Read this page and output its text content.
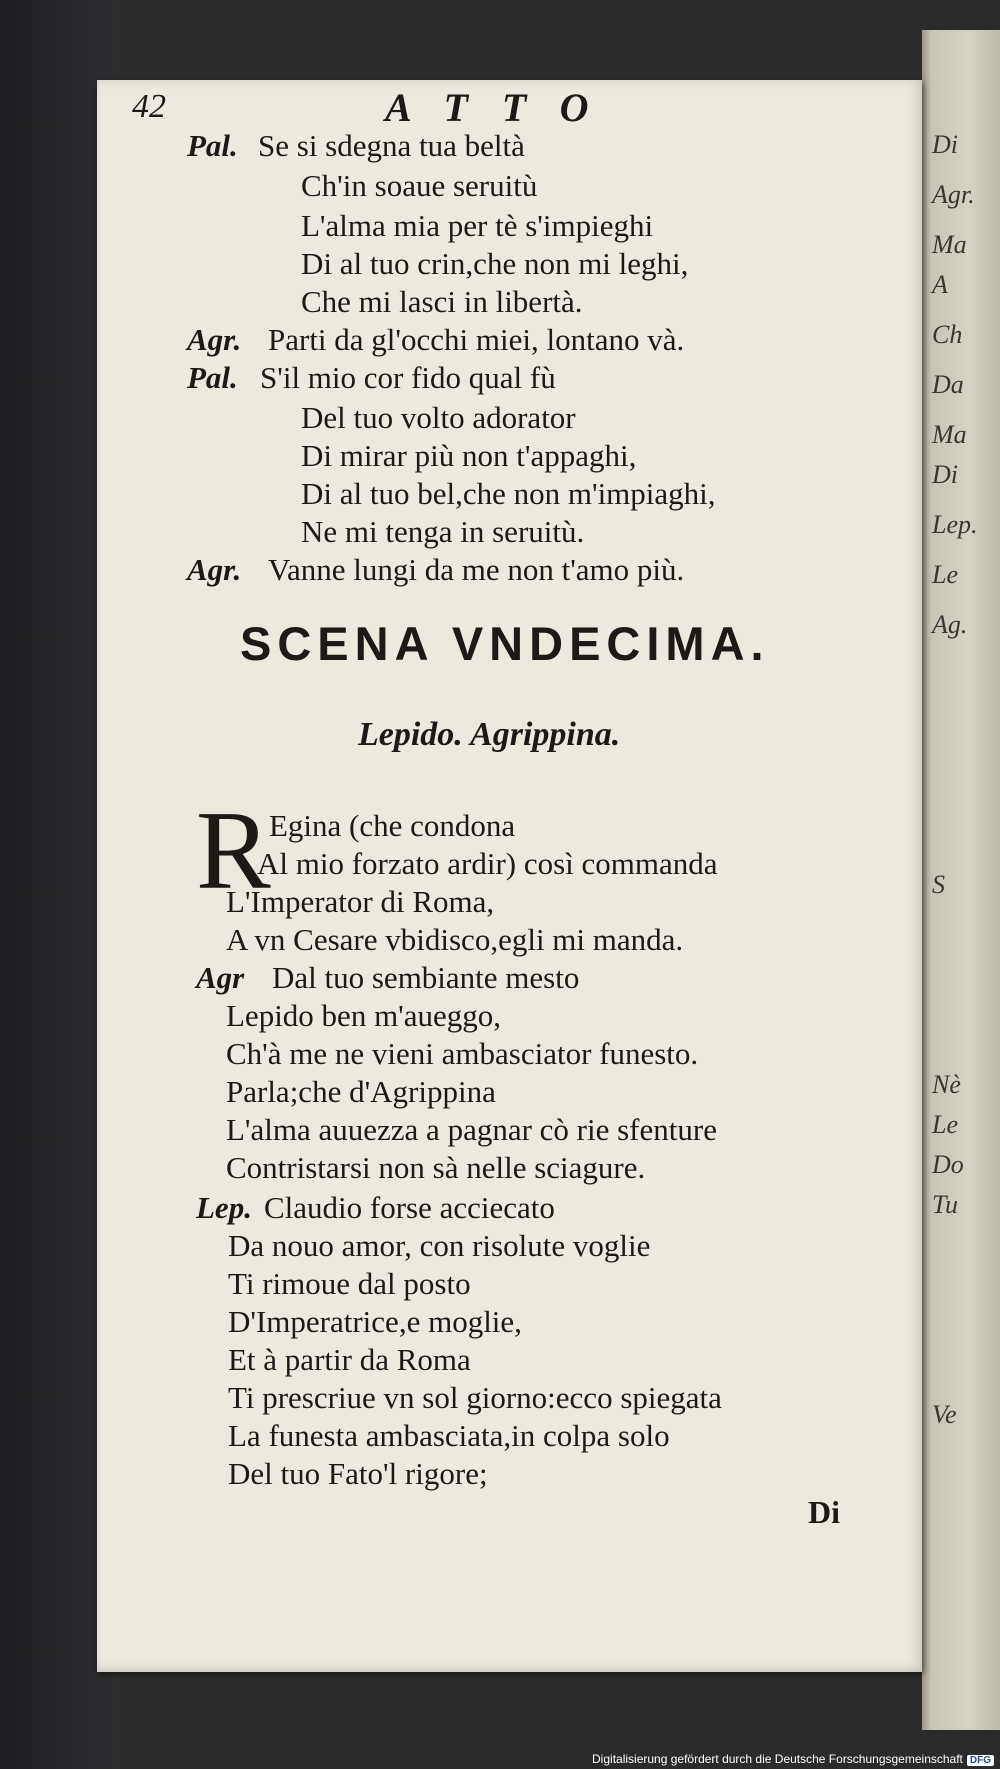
Di
Agr.
Ma
A
Ch
Da
Ma
Di
Lep.
Le
Ag.
S
Nè
Le
Do
Tu
Ve
42	ATTO
Pal. Se si sdegna tua beltà
Ch'in soaue seruitù
L'alma mia per tè s'impieghi
Di al tuo crin,che non mi leghi,
Che mi lasci in libertà.
Agr. Parti da gl'occhi miei, lontano và.
Pal. S'il mio cor fido qual fù
Del tuo volto adorator
Di mirar più non t'appaghi,
Di al tuo bel,che non m'impiaghi,
Ne mi tenga in seruitù.
Agr. Vanne lungi da me non t'amo più.
SCENA VNDECIMA.
Lepido. Agrippina.
R
Egina (che condona
Al mio forzato ardir) così commanda
L'Imperator di Roma,
A vn Cesare vbidisco,egli mi manda.
Agr Dal tuo sembiante mesto
Lepido ben m'aueggo,
Ch'à me ne vieni ambasciator funesto.
Parla;che d'Agrippina
L'alma auuezza a pagnar cò rie sfenture
Contristarsi non sà nelle sciagure.
Lep. Claudio forse acciecato
Da nouo amor, con risolute voglie
Ti rimoue dal posto
D'Imperatrice,e moglie,
Et à partir da Roma
Ti prescriue vn sol giorno:ecco spiegata
La funesta ambasciata,in colpa solo
Del tuo Fato'l rigore;
Di
Digitalisierung gefördert durch die Deutsche Forschungsgemeinschaft DFG
